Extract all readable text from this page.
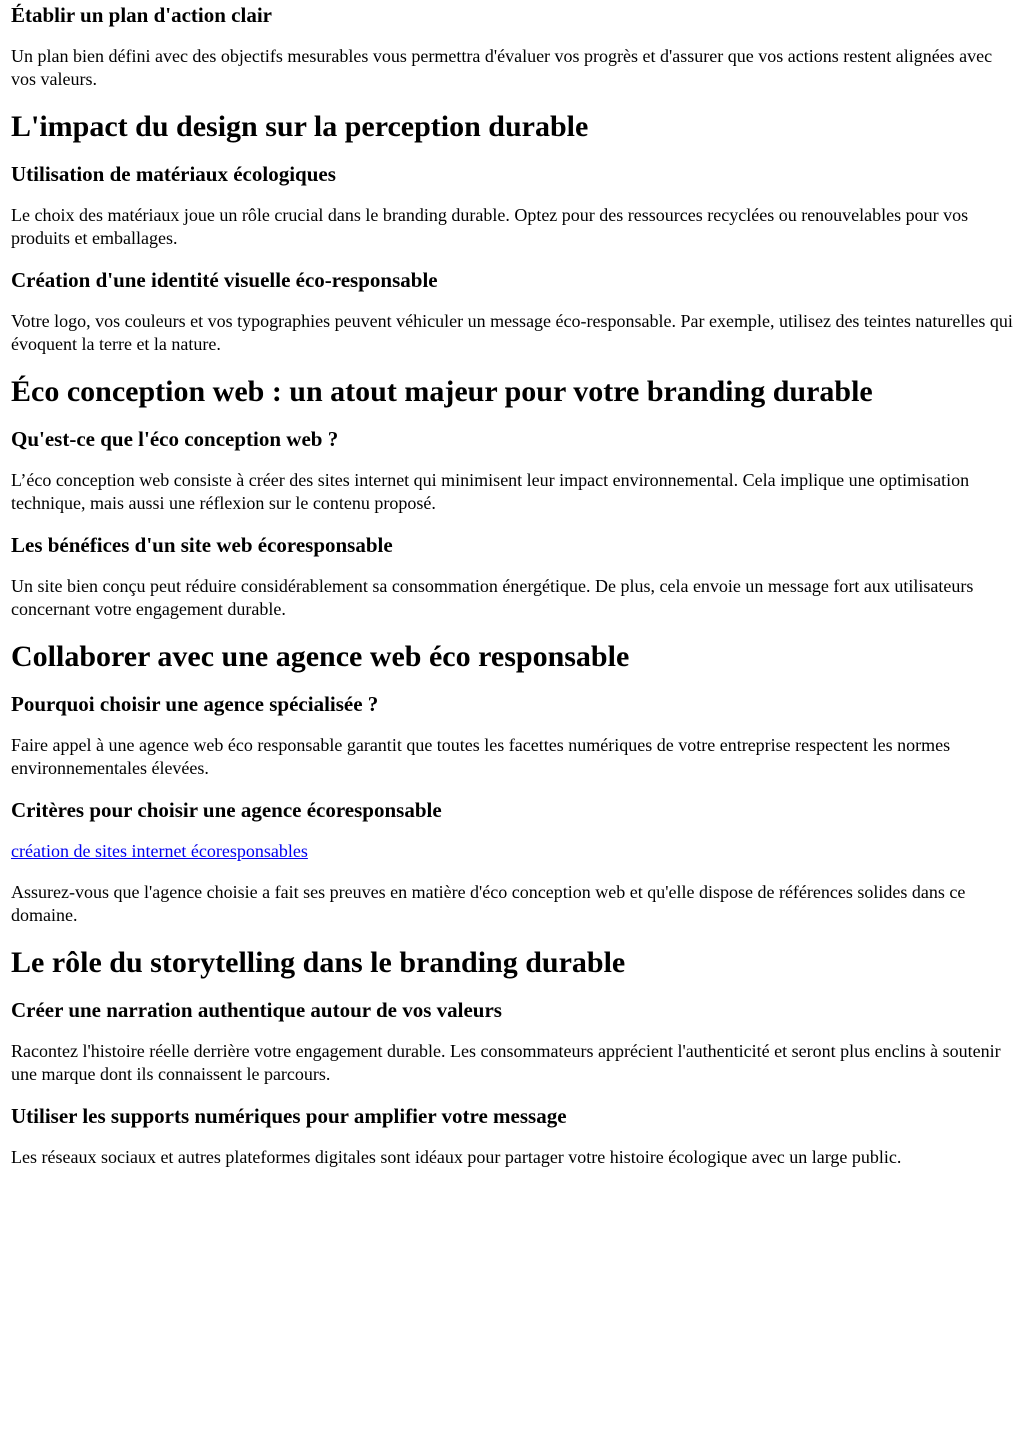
Établir un plan d'action clair

Un plan bien défini avec des objectifs mesurables vous permettra d'évaluer vos progrès et d'assurer que vos actions restent alignées avec vos valeurs.

L'impact du design sur la perception durable
Utilisation de matériaux écologiques

Le choix des matériaux joue un rôle crucial dans le branding durable. Optez pour des ressources recyclées ou renouvelables pour vos produits et emballages.

Création d'une identité visuelle éco-responsable

Votre logo, vos couleurs et vos typographies peuvent véhiculer un message éco-responsable. Par exemple, utilisez des teintes naturelles qui évoquent la terre et la nature.

Éco conception web : un atout majeur pour votre branding durable
Qu'est-ce que l'éco conception web ?

L’éco conception web consiste à créer des sites internet qui minimisent leur impact environnemental. Cela implique une optimisation technique, mais aussi une réflexion sur le contenu proposé.

Les bénéfices d'un site web écoresponsable

Un site bien conçu peut réduire considérablement sa consommation énergétique. De plus, cela envoie un message fort aux utilisateurs concernant votre engagement durable.

Collaborer avec une agence web éco responsable
Pourquoi choisir une agence spécialisée ?

Faire appel à une agence web éco responsable garantit que toutes les facettes numériques de votre entreprise respectent les normes environnementales élevées.

Critères pour choisir une agence écoresponsable

création de sites internet écoresponsables

Assurez-vous que l'agence choisie a fait ses preuves en matière d'éco conception web et qu'elle dispose de références solides dans ce domaine.

Le rôle du storytelling dans le branding durable
Créer une narration authentique autour de vos valeurs

Racontez l'histoire réelle derrière votre engagement durable. Les consommateurs apprécient l'authenticité et seront plus enclins à soutenir une marque dont ils connaissent le parcours.

Utiliser les supports numériques pour amplifier votre message

Les réseaux sociaux et autres plateformes digitales sont idéaux pour partager votre histoire écologique avec un large public.
